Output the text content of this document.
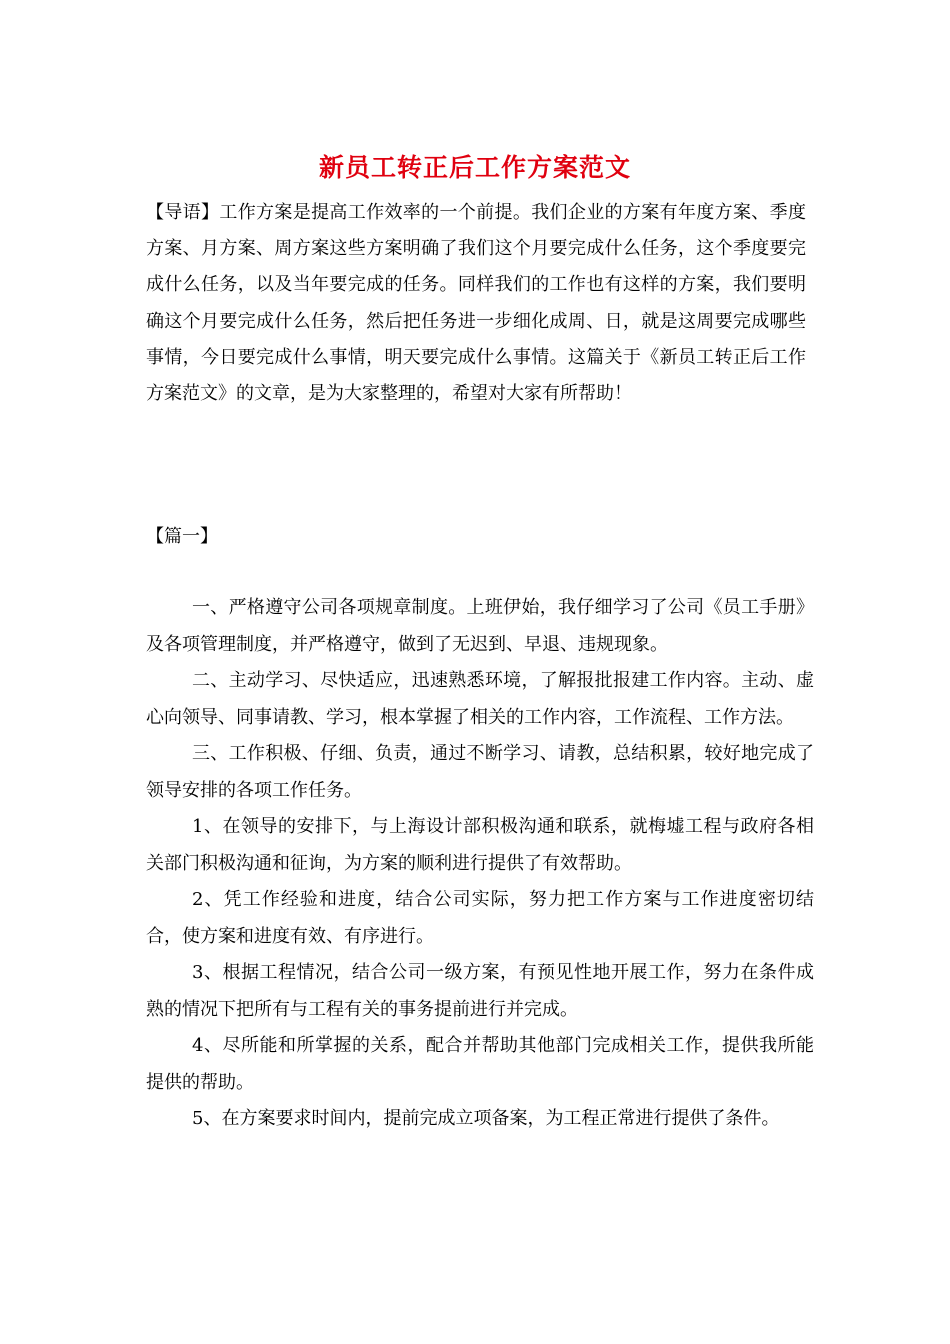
新员工转正后工作方案范文
【导语】工作方案是提高工作效率的一个前提。我们企业的方案有年度方案、季度方案、月方案、周方案这些方案明确了我们这个月要完成什么任务，这个季度要完成什么任务，以及当年要完成的任务。同样我们的工作也有这样的方案，我们要明确这个月要完成什么任务，然后把任务进一步细化成周、日，就是这周要完成哪些事情，今日要完成什么事情，明天要完成什么事情。这篇关于《新员工转正后工作方案范文》的文章，是为大家整理的，希望对大家有所帮助！
【篇一】

一、严格遵守公司各项规章制度。上班伊始，我仔细学习了公司《员工手册》及各项管理制度，并严格遵守，做到了无迟到、早退、违规现象。

二、主动学习、尽快适应，迅速熟悉环境，了解报批报建工作内容。主动、虚心向领导、同事请教、学习，根本掌握了相关的工作内容，工作流程、工作方法。

三、工作积极、仔细、负责，通过不断学习、请教，总结积累，较好地完成了领导安排的各项工作任务。

1、在领导的安排下，与上海设计部积极沟通和联系，就梅墟工程与政府各相关部门积极沟通和征询，为方案的顺利进行提供了有效帮助。

2、凭工作经验和进度，结合公司实际，努力把工作方案与工作进度密切结合，使方案和进度有效、有序进行。

3、根据工程情况，结合公司一级方案，有预见性地开展工作，努力在条件成熟的情况下把所有与工程有关的事务提前进行并完成。

4、尽所能和所掌握的关系，配合并帮助其他部门完成相关工作，提供我所能提供的帮助。

5、在方案要求时间内，提前完成立项备案，为工程正常进行提供了条件。
